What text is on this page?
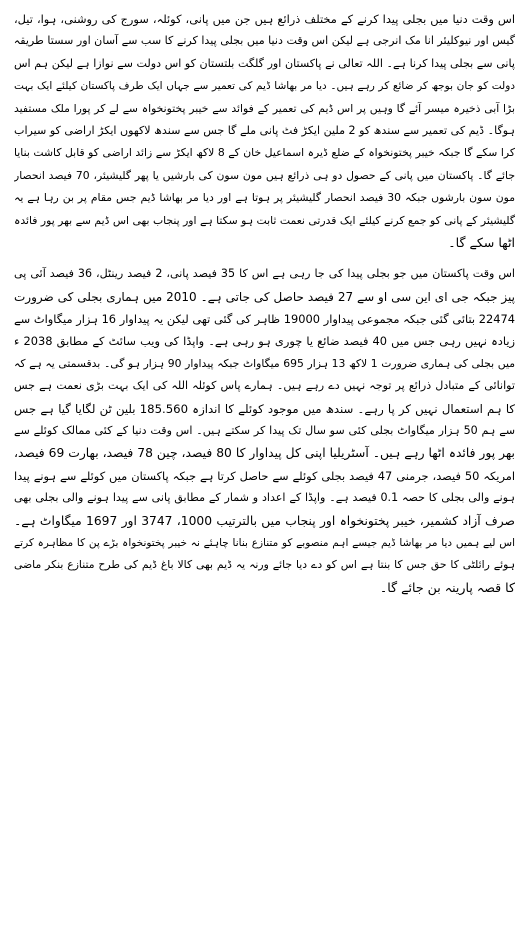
اس وقت دنیا میں بجلی پیدا کرنے کے مختلف ذرائع ہیں جن میں پانی، کوئلہ، سورج کی روشنی، ہوا، تیل،
گیس اور نیوکلیئر انا مک انرجی ہے لیکن اس وقت دنیا میں بجلی پیدا کرنے کا سب سے آسان اور سستا طریقہ
پانی سے بجلی پیدا کرنا ہے۔ اللہ تعالی نے پاکستان اور گلگت بلتستان کو اس دولت سے نوازا ہے لیکن ہم اس
دولت کو جان بوجھ کر ضائع کر رہے ہیں۔ دیا مر بھاشا ڈیم کی تعمیر سے جہاں ایک طرف پاکستان کیلئے ایک بہت
بڑا آبی ذخیرہ میسر آئے گا وہیں پر اس ڈیم کی تعمیر کے فوائد سے خیبر پختونخواہ سے لے کر پورا ملک مستفید
ہوگا۔ ڈیم کی تعمیر سے سندھ کو 2 ملین ایکڑ فٹ پانی ملے گا جس سے سندھ لاکھوں ایکڑ اراضی کو سیراب
کرا سکے گا جبکہ خیبر پختونخواہ کے ضلع ڈیرہ اسماعیل خان کے 8 لاکھ ایکڑ سے زائد اراضی کو قابل کاشت بنایا
جائے گا۔ پاکستان میں پانی کے حصول دو ہی ذرائع ہیں مون سون کی بارشیں یا پھر گلیشیئر، 70 فیصد انحصار
مون سون بارشوں جبکہ 30 فیصد انحصار گلیشیئر پر ہوتا ہے اور دیا مر بھاشا ڈیم جس مقام پر بن رہا ہے یہ
گلیشیئر کے پانی کو جمع کرنے کیلئے ایک قدرتی نعمت ثابت ہو سکتا ہے اور پنجاب بھی اس ڈیم سے بھر پور فائدہ
اٹھا سکے گا۔

اس وقت پاکستان میں جو بجلی پیدا کی جا رہی ہے اس کا 35 فیصد پانی، 2 فیصد رینٹل، 36 فیصد آئی پی
پیز جبکہ جی ای این سی او سے 27 فیصد حاصل کی جاتی ہے۔ 2010 میں ہماری بجلی کی ضرورت
22474 بتائی گئی جبکہ مجموعی پیداوار 19000 ظاہر کی گئی تھی لیکن یہ پیداوار 16 ہزار میگاواٹ سے
زیادہ نہیں رہی جس میں 40 فیصد ضائع یا چوری ہو رہی ہے۔ واپڈا کی ویب سائٹ کے مطابق 2038 ء
میں بجلی کی ہماری ضرورت 1 لاکھ 13 ہزار 695 میگاواٹ جبکہ پیداوار 90 ہزار ہو گی۔ بدقسمتی یہ ہے کہ
توانائی کے متبادل ذرائع پر توجہ نہیں دے رہے ہیں۔ ہمارے پاس کوئلہ اللہ کی ایک بہت بڑی نعمت ہے جس
کا ہم استعمال نہیں کر پا رہے۔ سندھ میں موجود کوئلے کا اندازہ 185.560 بلین ٹن لگایا گیا ہے جس
سے ہم 50 ہزار میگاواٹ بجلی کئی سو سال تک پیدا کر سکتے ہیں۔ اس وقت دنیا کے کئی ممالک کوئلے سے
بھر پور فائدہ اٹھا رہے ہیں۔ آسٹریلیا اپنی کل پیداوار کا 80 فیصد، چین 78 فیصد، بھارت 69 فیصد،
امریکہ 50 فیصد، جرمنی 47 فیصد بجلی کوئلے سے حاصل کرتا ہے جبکہ پاکستان میں کوئلے سے ہونے پیدا
ہونے والی بجلی کا حصہ 0.1 فیصد ہے۔ واپڈا کے اعداد و شمار کے مطابق پانی سے پیدا ہونے والی بجلی بھی
صرف آزاد کشمیر، خیبر پختونخواہ اور پنجاب میں بالترتیب 1000، 3747 اور 1697 میگاواٹ ہے۔
اس لیے ہمیں دیا مر بھاشا ڈیم جیسے اہم منصوبے کو متنازع بنانا چاہئے نہ خیبر پختونخواہ بڑے پن کا مظاہرہ کرتے
ہوئے رائلٹی کا حق جس کا بنتا ہے اس کو دے دیا جائے ورنہ یہ ڈیم بھی کالا باغ ڈیم کی طرح متنازع بنکر ماضی
کا قصہ پارینہ بن جائے گا۔
